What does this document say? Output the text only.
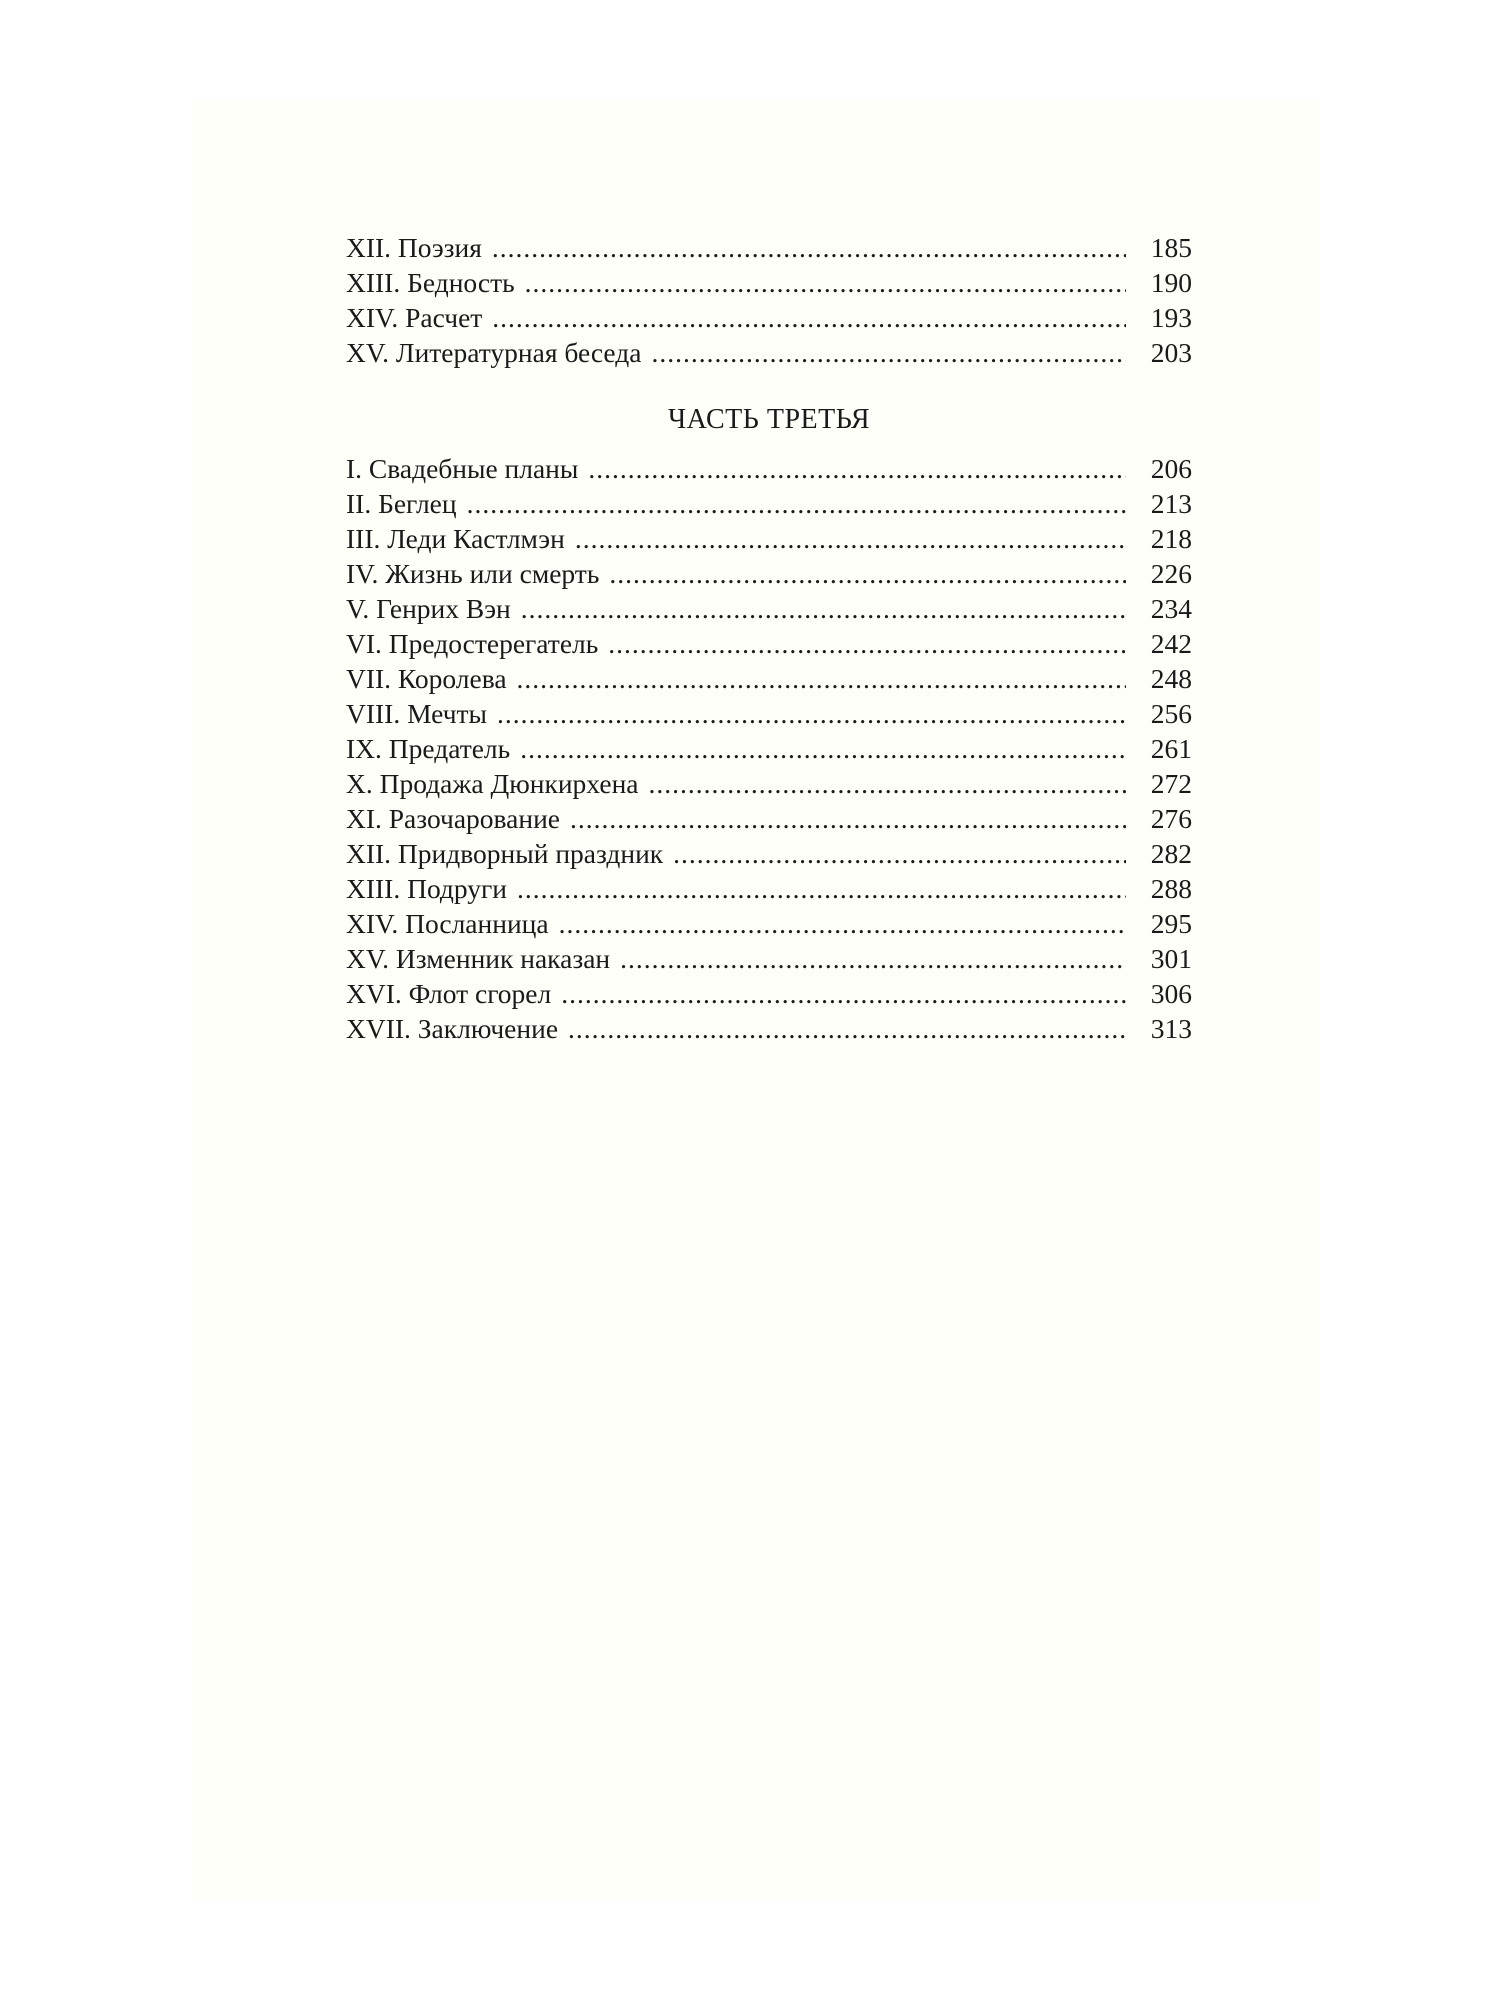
XII. Поэзия .....	185
XIII. Бедность .....	190
XIV. Расчет .....	193
XV. Литературная беседа .....	203
ЧАСТЬ ТРЕТЬЯ
I. Свадебные планы .....	206
II. Беглец .....	213
III. Леди Кастлмэн .....	218
IV. Жизнь или смерть .....	226
V. Генрих Вэн .....	234
VI. Предостерегатель .....	242
VII. Королева .....	248
VIII. Мечты .....	256
IX. Предатель .....	261
X. Продажа Дюнкирхена .....	272
XI. Разочарование .....	276
XII. Придворный праздник .....	282
XIII. Подруги .....	288
XIV. Посланница .....	295
XV. Изменник наказан .....	301
XVI. Флот сгорел .....	306
XVII. Заключение .....	313
